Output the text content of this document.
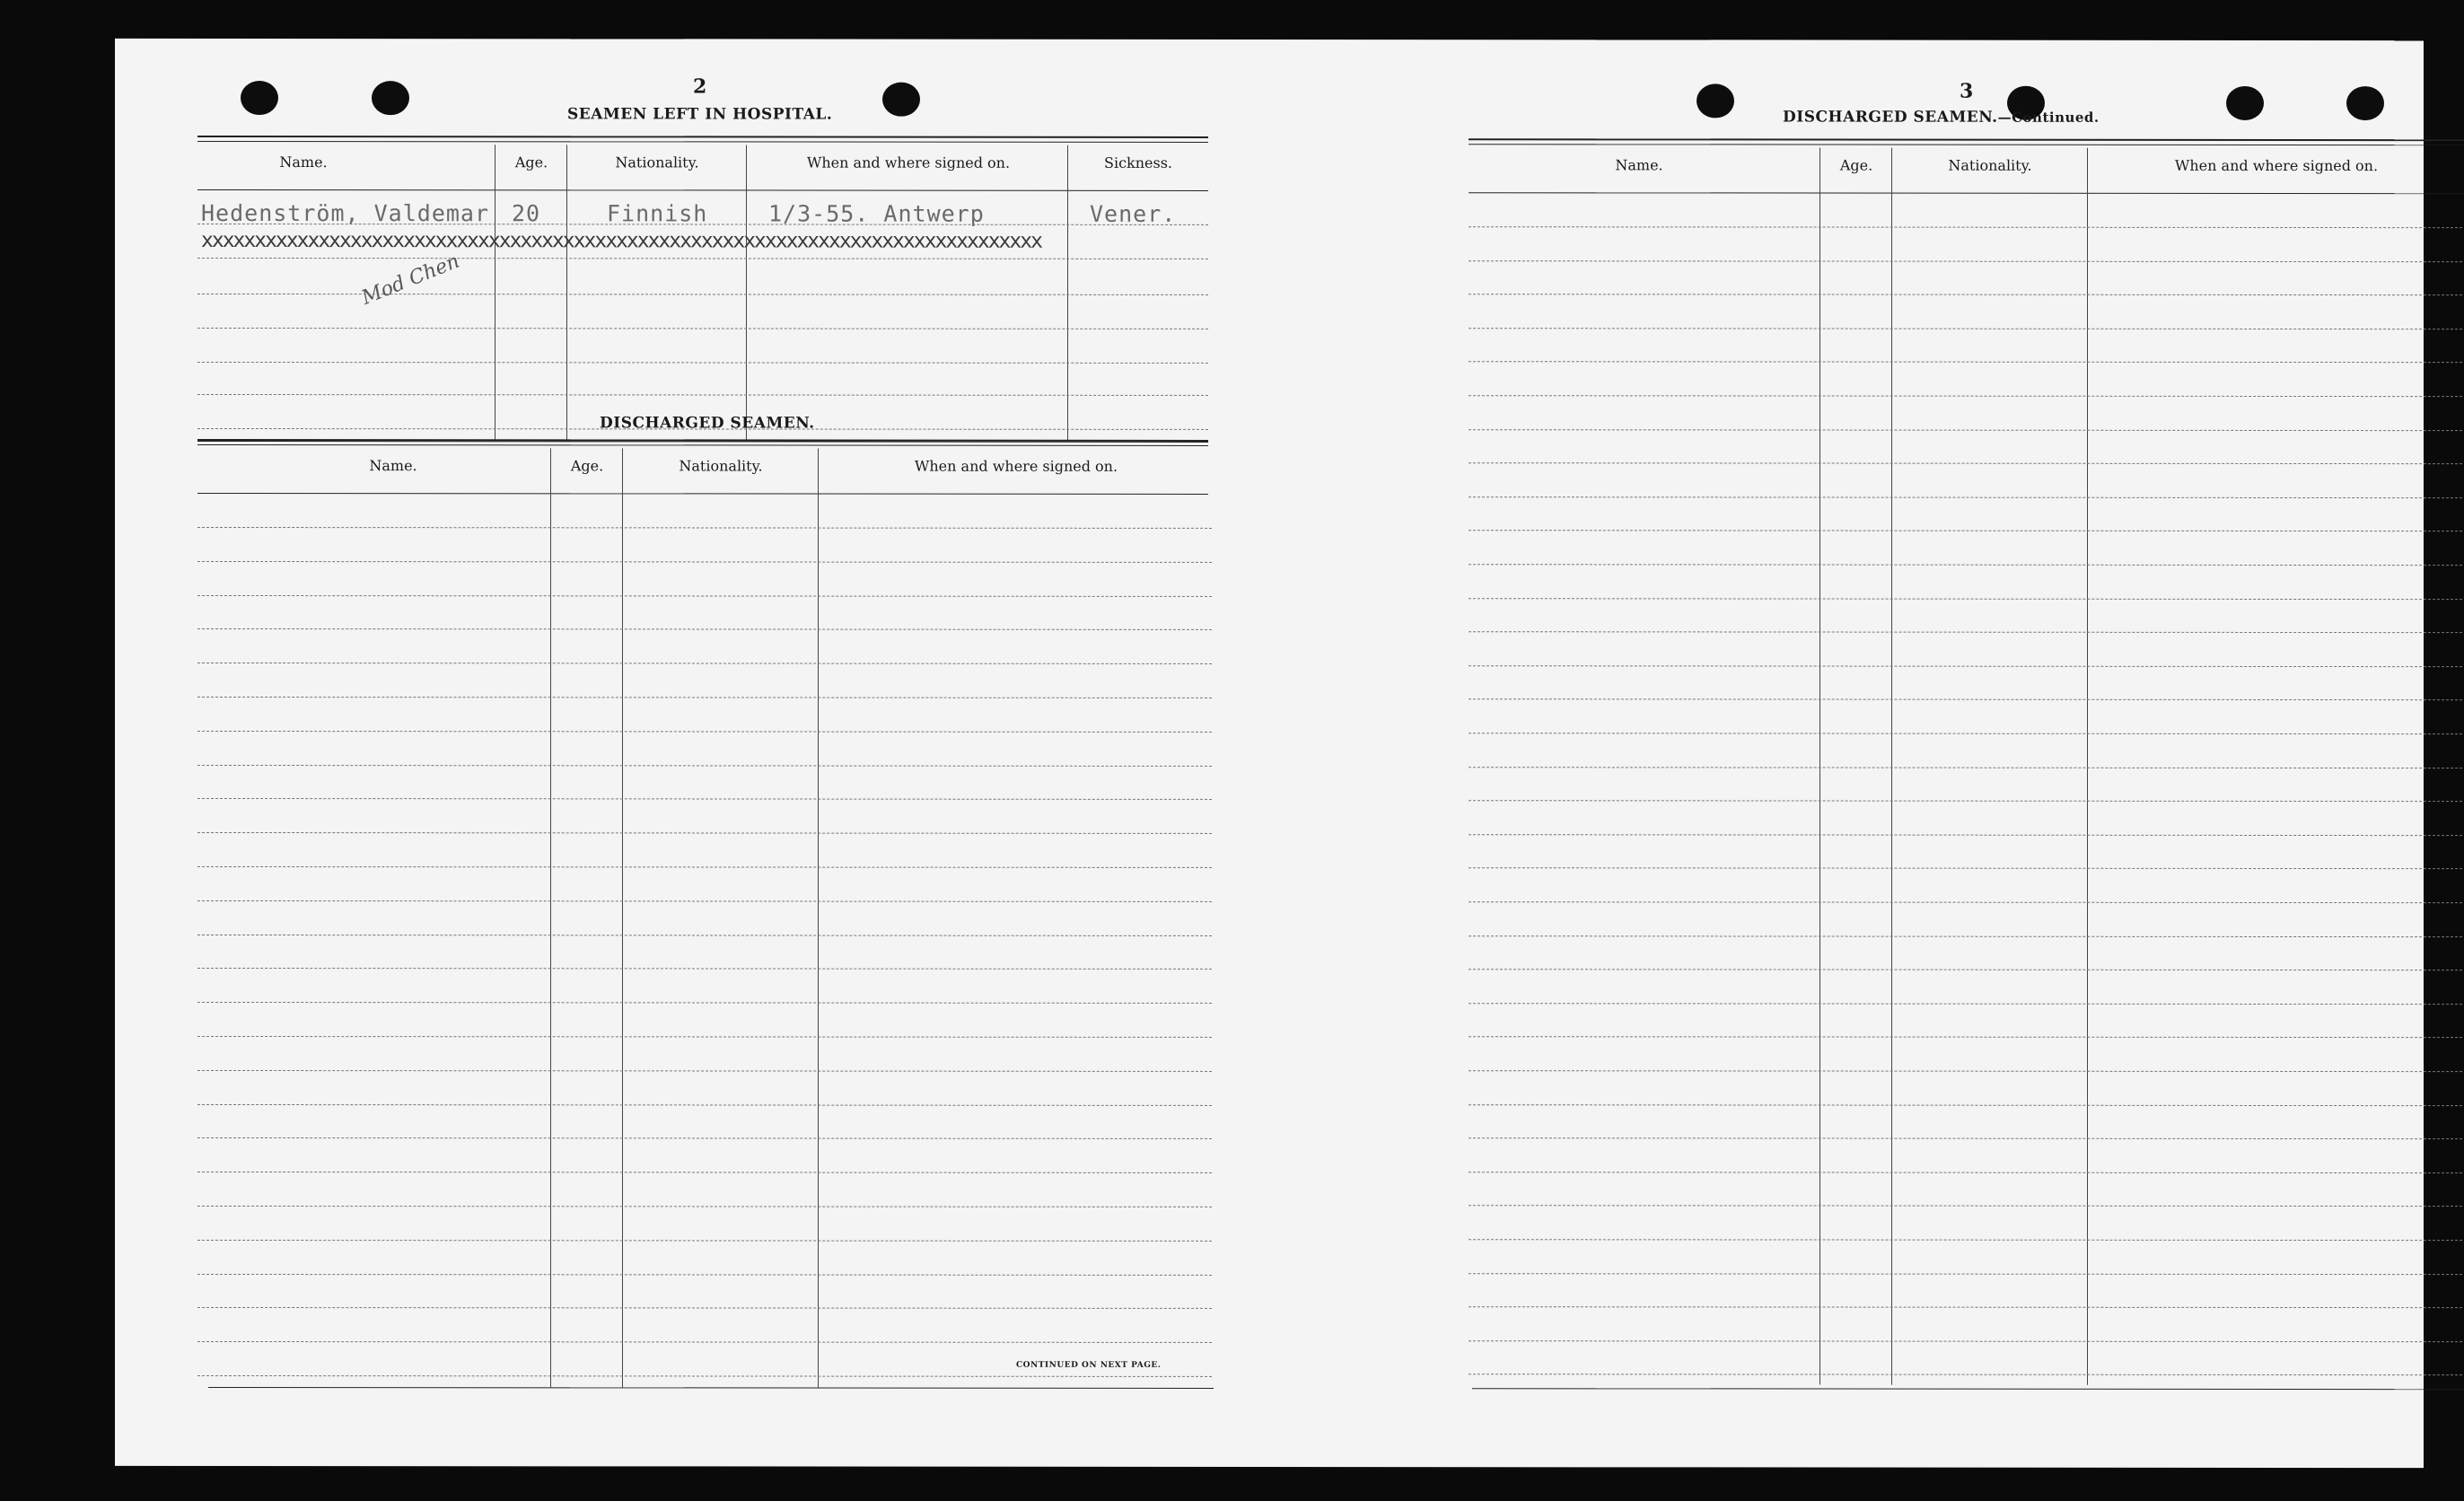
2
SEAMEN LEFT IN HOSPITAL.
Name.	Age.	Nationality.	When and where signed on.	Sickness.
Hedenström, Valdemar 20	Finnish	1/3-55. Antwerp	Vener.
xxxxxxxxxxxxxxxxxxxxxxxxxxxxxxxxxxxxxxxxxxxxxxxxxxxxxxxxxxxxxxxxxxxxxxxxxxxxxxx
Mod Chen
DISCHARGED SEAMEN.
Name.	Age.	Nationality.	When and where signed on.
CONTINUED ON NEXT PAGE.
3
DISCHARGED SEAMEN.—Continued.
Name.	Age.	Nationality.	When and where signed on.
